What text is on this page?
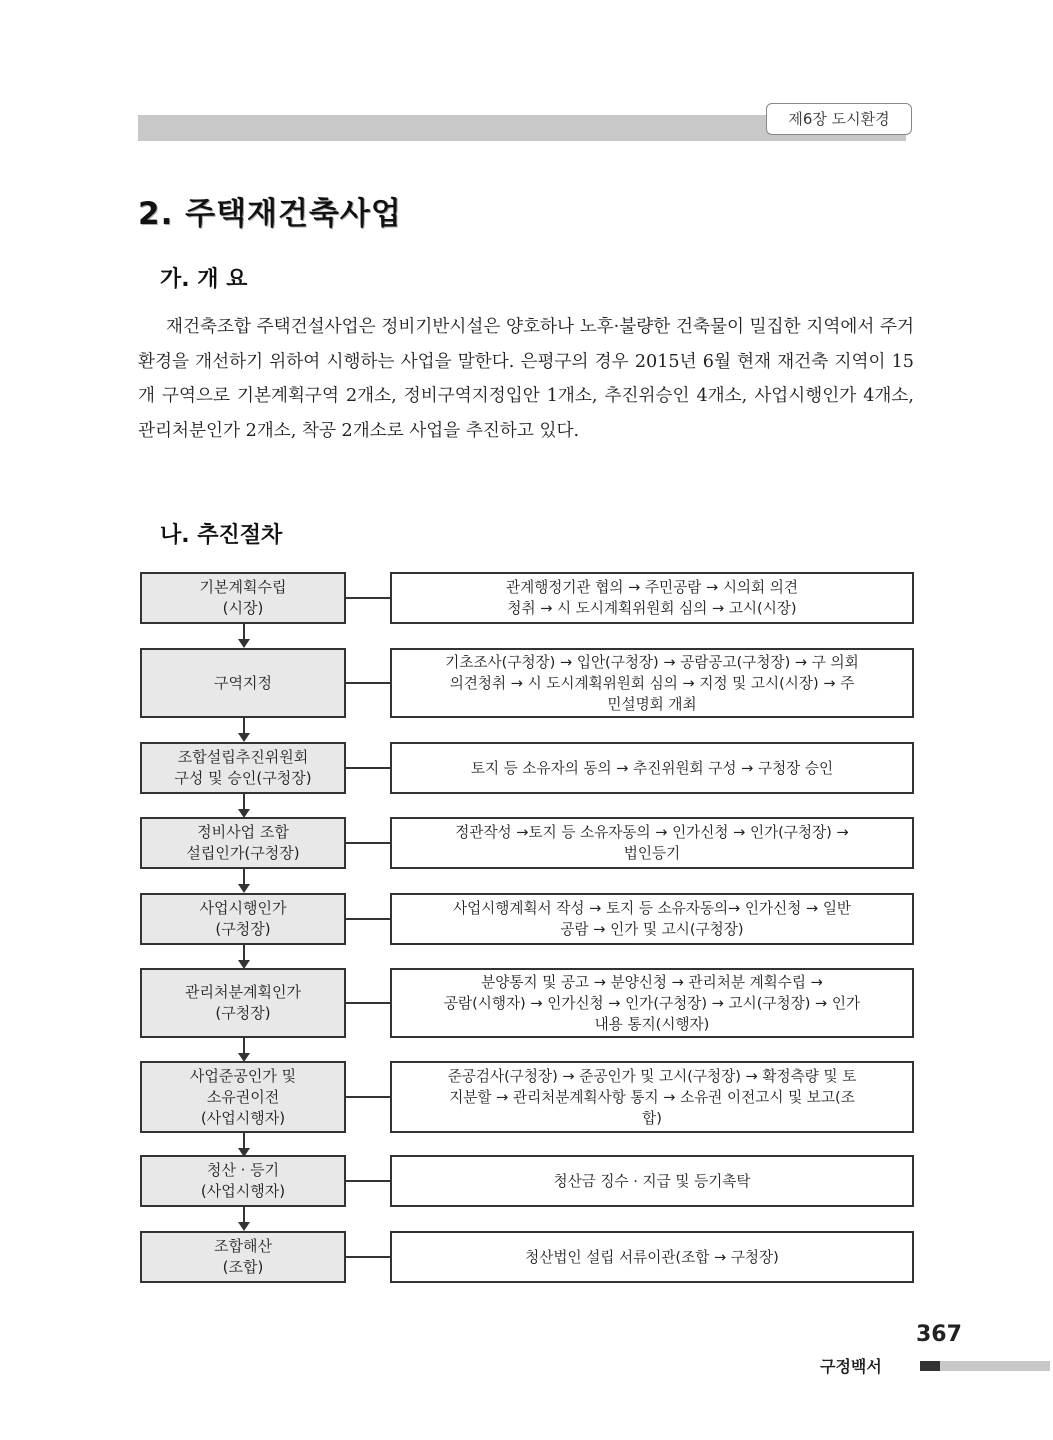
제6장 도시환경
2. 주택재건축사업
가. 개 요
재건축조합 주택건설사업은 정비기반시설은 양호하나 노후·불량한 건축물이 밀집한 지역에서 주거환경을 개선하기 위하여 시행하는 사업을 말한다. 은평구의 경우 2015년 6월 현재 재건축 지역이 15개 구역으로 기본계획구역 2개소, 정비구역지정입안 1개소, 추진위승인 4개소, 사업시행인가 4개소, 관리처분인가 2개소, 착공 2개소로 사업을 추진하고 있다.
나. 추진절차
기본계획수립
(시장)
관계행정기관 협의 → 주민공람 → 시의회 의견
청취 → 시 도시계획위원회 심의 → 고시(시장)
구역지정
기초조사(구청장) → 입안(구청장) → 공람공고(구청장) → 구 의회
의견청취 → 시 도시계획위원회 심의 → 지정 및 고시(시장) → 주
민설명회 개최
조합설립추진위원회
구성 및 승인(구청장)
토지 등 소유자의 동의 → 추진위원회 구성 → 구청장 승인
정비사업 조합
설립인가(구청장)
정관작성 →토지 등 소유자동의 → 인가신청 → 인가(구청장) →
법인등기
사업시행인가
(구청장)
사업시행계획서 작성 → 토지 등 소유자동의→ 인가신청 → 일반
공람 → 인가 및 고시(구청장)
관리처분계획인가
(구청장)
분양통지 및 공고 → 분양신청 → 관리처분 계획수립 →
공람(시행자) → 인가신청 → 인가(구청장) → 고시(구청장) → 인가
내용 통지(시행자)
사업준공인가 및
소유권이전
(사업시행자)
준공검사(구청장) → 준공인가 및 고시(구청장) → 확정측량 및 토
지분할 → 관리처분계획사항 통지 → 소유권 이전고시 및 보고(조
합)
청산 · 등기
(사업시행자)
청산금 징수 · 지급 및 등기촉탁
조합해산
(조합)
청산법인 설립 서류이관(조합 → 구청장)
367
구정백서
